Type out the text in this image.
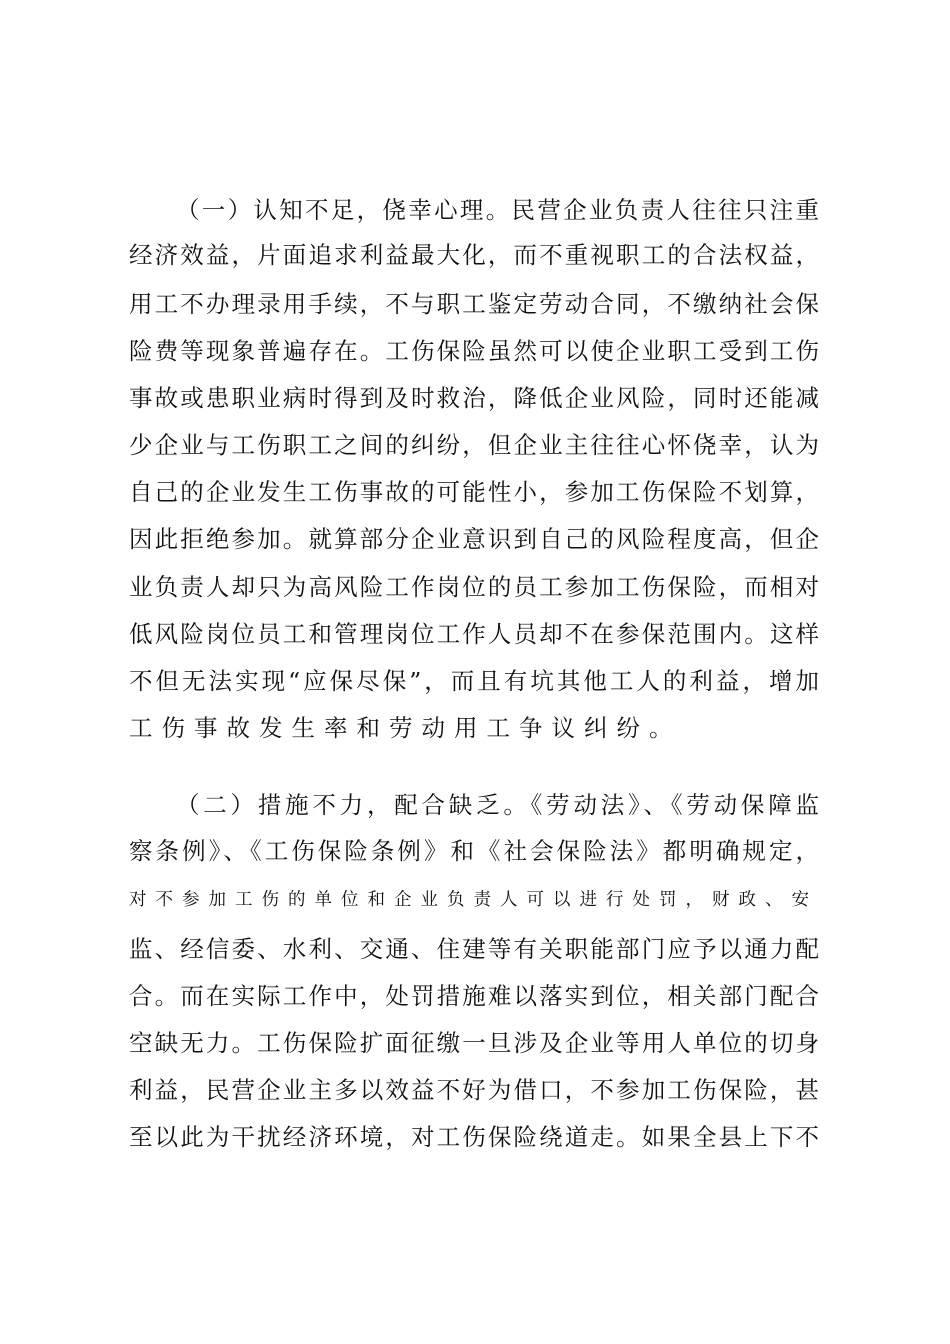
（一）认知不足，侥幸心理。民营企业负责人往往只注重
经济效益，片面追求利益最大化，而不重视职工的合法权益，
用工不办理录用手续，不与职工鉴定劳动合同，不缴纳社会保
险费等现象普遍存在。工伤保险虽然可以使企业职工受到工伤
事故或患职业病时得到及时救治，降低企业风险，同时还能减
少企业与工伤职工之间的纠纷，但企业主往往心怀侥幸，认为
自己的企业发生工伤事故的可能性小，参加工伤保险不划算，
因此拒绝参加。就算部分企业意识到自己的风险程度高，但企
业负责人却只为高风险工作岗位的员工参加工伤保险，而相对
低风险岗位员工和管理岗位工作人员却不在参保范围内。这样
不但无法实现“应保尽保”，而且有坑其他工人的利益，增加
工伤事故发生率和劳动用工争议纠纷。
（二）措施不力，配合缺乏。《劳动法》、《劳动保障监
察条例》、《工伤保险条例》和《社会保险法》都明确规定，
对不参加工伤的单位和企业负责人可以进行处罚，财政、安
监、经信委、水利、交通、住建等有关职能部门应予以通力配
合。而在实际工作中，处罚措施难以落实到位，相关部门配合
空缺无力。工伤保险扩面征缴一旦涉及企业等用人单位的切身
利益，民营企业主多以效益不好为借口，不参加工伤保险，甚
至以此为干扰经济环境，对工伤保险绕道走。如果全县上下不
